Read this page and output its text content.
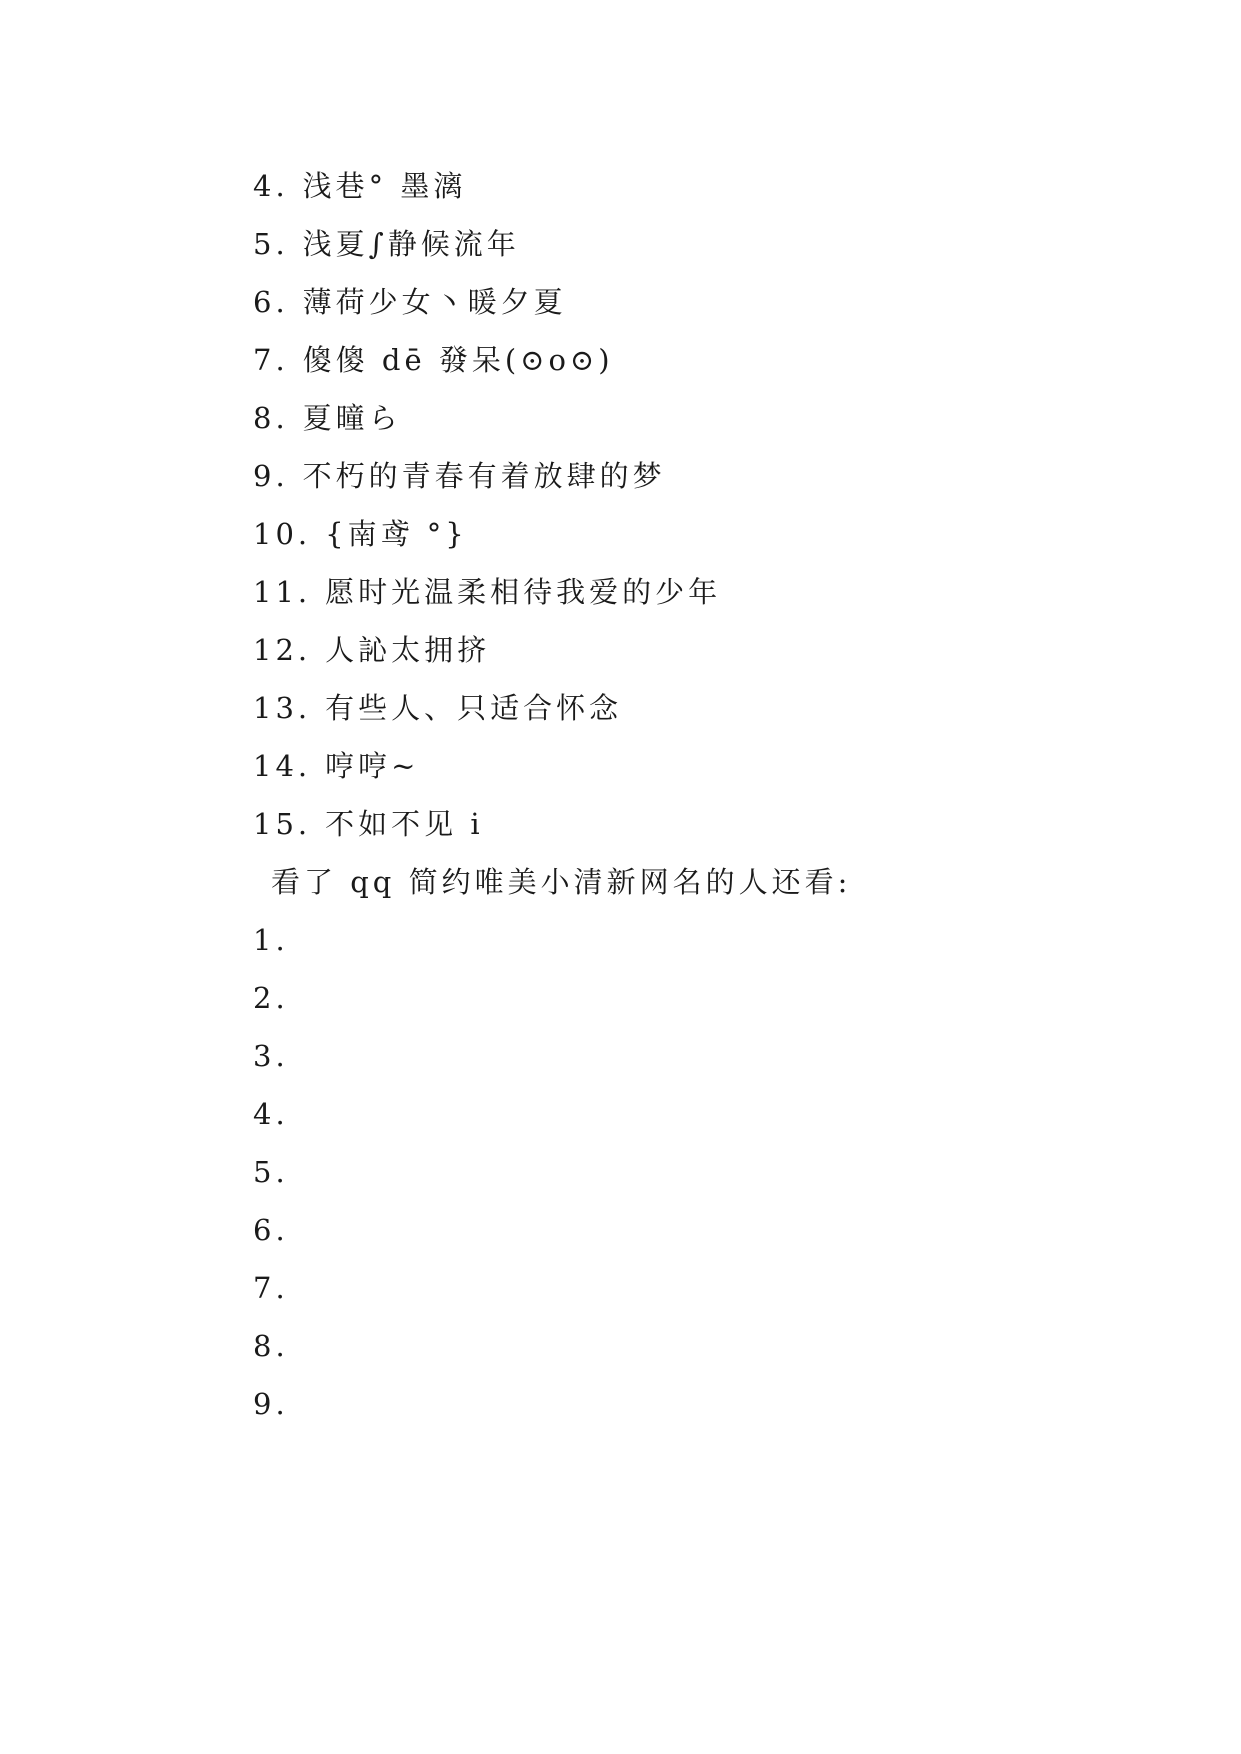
4. 浅巷° 墨漓
5. 浅夏∫静候流年
6. 薄荷少女丶暖夕夏
7. 傻傻 dē 發呆(⊙o⊙)
8. 夏曈ら
9. 不朽的青春有着放肆的梦
10. {南鸢 °}
11. 愿时光温柔相待我爱的少年
12. 人訫太拥挤
13. 有些人、只适合怀念
14. 哼哼~
15. 不如不见 i
看了 qq 简约唯美小清新网名的人还看:
1.
2.
3.
4.
5.
6.
7.
8.
9.
